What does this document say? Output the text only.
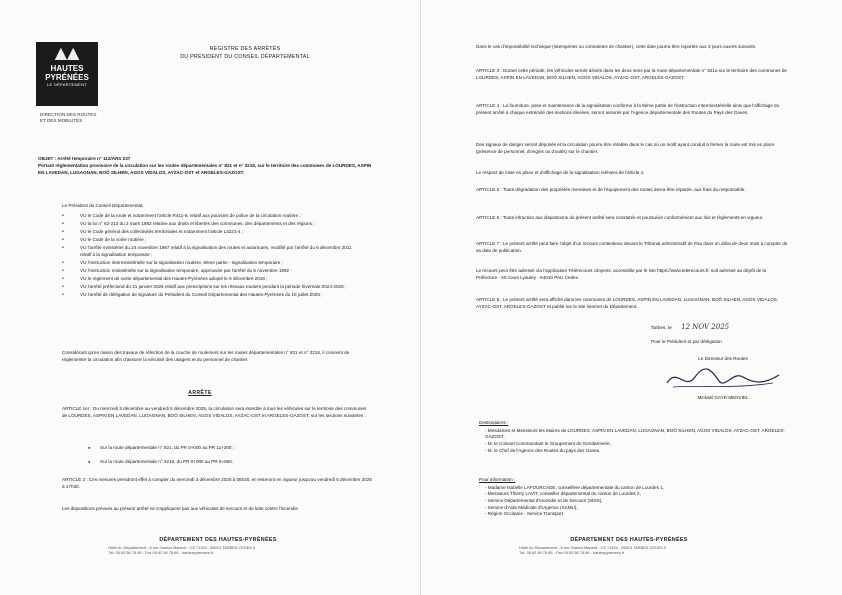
▲▲
HAUTES
PYRÉNÉES
LE DÉPARTEMENT
DIRECTION DES ROUTES
ET DES MOBILITÉS
REGISTRE DES ARRÊTÉS
DU PRÉSIDENT DU CONSEIL DÉPARTEMENTAL
OBJET : Arrêté temporaire n° 112/ARS 237
Portant réglementation provisoire de la circulation sur les routes départementales n° 821 et n° 3218, sur le territoire des communes de LOURDES, ASPIN EN LAVEDAN, LUGAGNAN, BOÔ SILHEN, AGOS VIDALOS, AYZAC-OST et ARGELES-GAZOST.
Le Président du Conseil Départemental,
• VU le Code de la route et notamment l'article R411-8, relatif aux pouvoirs de police de la circulation routière ;
• VU la loi n° 82-213 du 2 mars 1982 relative aux droits et libertés des communes, des départements et des régions ;
• VU le Code général des collectivités territoriales et notamment l'article L3221-4 ;
• VU le Code de la voirie routière ;
• VU l'arrêté ministériel du 24 novembre 1967 relatif à la signalisation des routes et autoroutes, modifié par l'arrêté du 6 décembre 2011 relatif à la signalisation temporaire ;
• VU l'instruction interministérielle sur la signalisation routière, 8ème partie - signalisation temporaire ;
• VU l'instruction ministérielle sur la signalisation temporaire, approuvée par l'arrêté du 6 novembre 1992 ;
• VU le règlement de voirie départemental des Hautes-Pyrénées adopté le 6 décembre 2018 ;
• VU l'arrêté préfectoral du 21 janvier 2025 relatif aux prescriptions sur les réseaux routiers pendant la période hivernale 2024-2025 ;
• VU l'arrêté de délégation de signature du Président du Conseil Départemental des Hautes-Pyrénées du 16 juillet 2025 ;
Considérant qu'en raison des travaux de réfection de la couche de roulement sur les routes départementales n° 821 et n° 3218, il convient de réglementer la circulation afin d'assurer la sécurité des usagers et du personnel de chantier.
ARRÊTE
ARTICLE 1er : Du mercredi 3 décembre au vendredi 5 décembre 2025, la circulation sera interdite à tous les véhicules sur le territoire des communes de LOURDES, ASPIN EN LAVEDAN, LUGAGNAN, BOÔ SILHEN, AGOS VIDALOS, AYZAC-OST et ARGELES-GAZOST, sur les sections suivantes :
● Sur la route départementale n° 821, du PR 0+000 au PR 11+300 ;
● Sur la route départementale n° 3218, du PR 0+000 au PR 5+950.
ARTICLE 2 : Ces mesures prendront effet à compter du mercredi 3 décembre 2025 à 08h30, et resteront en vigueur jusqu'au vendredi 5 décembre 2025 à 17h30.
Les dispositions prévues au présent arrêté ne s'appliquent pas aux véhicules de secours et de lutte contre l'incendie.
DÉPARTEMENT DES HAUTES-PYRÉNÉES
Hôtel du Département - 6 rue Gaston Manent - CS 71324 - 65013 TARBES CEDEX 9
Tél. 05 62 56 78 65 - Fax 05 62 56 78 66 - hautespyrenees.fr
Dans le cas d'impossibilité technique (intempéries ou contraintes de chantier), cette date pourra être reportée aux 3 jours ouvrés suivants.
ARTICLE 3 : Durant cette période, les véhicules seront déviés dans les deux sens par la route départementale n° 821a sur le territoire des communes de LOURDES, ASPIN EN LAVEDAN, BOÔ SILHEN, AGOS VIDALOS, AYZAC-OST, ARGELES-GAZOST.
ARTICLE 4 : La fourniture, pose et maintenance de la signalisation conforme à la 8ème partie de l'instruction interministérielle ainsi que l'affichage du présent arrêté à chaque extrémité des sections déviées, seront assurés par l'Agence départementale des Routes du Pays des Gaves.
Des signaux de danger seront déposés et la circulation pourra être rétablie dans le cas où un motif ayant conduit à fermer la route est mis en place (présence de personnel, d'engins ou d'outils) sur le chantier.
Le respect de mise en place et d'affichage de la signalisation relèvera de l'article 4.
ARTICLE 5 : Toute dégradation des propriétés riveraines et de l'équipement des routes devra être réparée, aux frais du responsable.
ARTICLE 6 : Toute infraction aux dispositions du présent arrêté sera constatée et poursuivie conformément aux lois et règlements en vigueur.
ARTICLE 7 : Le présent arrêté peut faire l'objet d'un recours contentieux devant le Tribunal administratif de Pau dans un délai de deux mois à compter de sa date de publication.
Le recours peut être adressé via l'application Télérecours citoyens, accessible par le site https://www.telerecours.fr, soit adressé au dépôt de la Préfecture - 50 cours Lyautey - 64010 PAU Cedex.
ARTICLE 8 : Le présent arrêté sera affiché dans les communes de LOURDES, ASPIN EN LAVEDAN, LUGAGNAN, BOÔ SILHEN, AGOS VIDALOS, AYZAC-OST, ARGELES-GAZOST et publié sur le site internet du Département.
Tarbes, le 12 NOV 2025
Pour le Président et par délégation
Le Directeur des Routes
Mickaël GAYE-MENVIEL
Destinataires :
- Mesdames et Messieurs les Maires de LOURDES, ASPIN EN LAVEDAN, LUGAGNAN, BOÔ SILHEN, AGOS VIDALOS, AYZAC-OST, ARGELES-GAZOST,
- M. le Colonel Commandant le Groupement de Gendarmerie,
- M. le Chef de l'Agence des Routes du pays des Gaves.
Pour information :
- Madame Isabelle LAFOURCADE, conseillère départementale du canton de Lourdes 1,
- Messieurs Thierry LAVIT, conseiller départemental du canton de Lourdes 2,
- Service Départemental d'Incendie et de Secours (SDIS),
- Service d'Aide Médicale d'Urgence (SAMU),
- Région Occitanie - Service Transport.
DÉPARTEMENT DES HAUTES-PYRÉNÉES
Hôtel du Département - 6 rue Gaston Manent - CS 71324 - 65013 TARBES CEDEX 9
Tél. 05 62 56 78 65 - Fax 05 62 56 78 66 - hautespyrenees.fr
